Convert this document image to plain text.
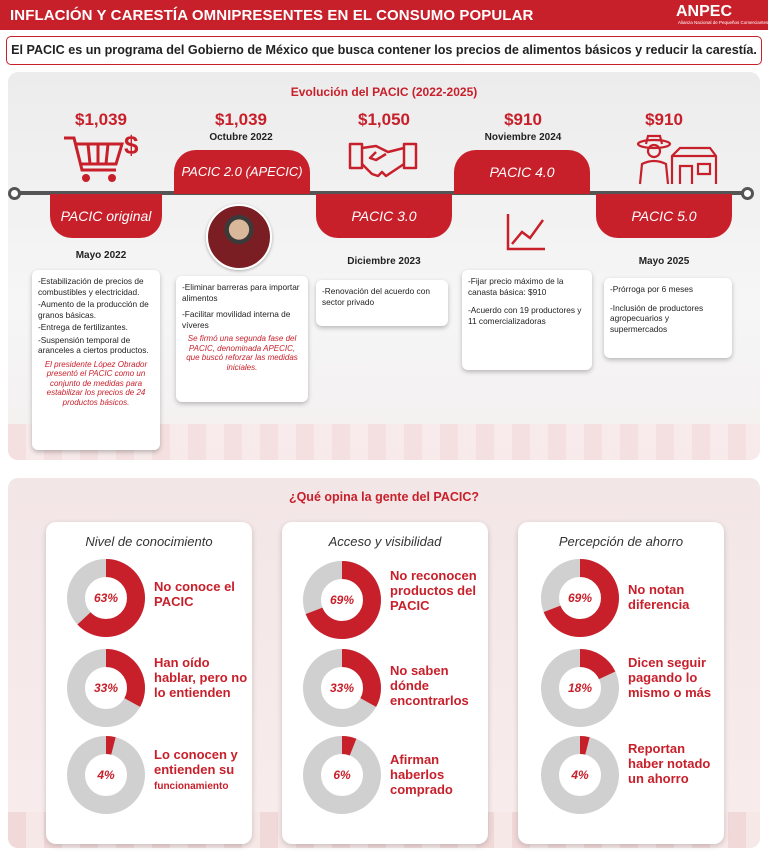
INFLACIÓN Y CARESTÍA OMNIPRESENTES EN EL CONSUMO POPULAR	ANPEC
Alianza Nacional de Pequeños Comerciantes
El PACIC es un programa del Gobierno de México que busca contener los precios de alimentos básicos y reducir la carestía.
Evolución del PACIC (2022-2025)
$1,039
$
PACIC original
Mayo 2022

-Estabilización de precios de combustibles y electricidad.

-Aumento de la producción de granos básicas.

-Entrega de fertilizantes.

-Suspensión temporal de aranceles a ciertos productos.

El presidente López Obrador presentó el PACIC como un conjunto de medidas para estabilizar los precios de 24 productos básicos.
$1,039
Octubre 2022
PACIC 2.0 (APECIC)

-Eliminar barreras para importar alimentos

-Facilitar movilidad interna de víveres

Se firmó una segunda fase del PACIC, denominada APECIC, que buscó reforzar las medidas iniciales.
$1,050
PACIC 3.0
Diciembre 2023

-Renovación del acuerdo con sector privado

$910
Noviembre 2024
PACIC 4.0

-Fijar precio máximo de la canasta básica: $910

-Acuerdo con 19 productores y 11 comercializadoras

$910
PACIC 5.0
Mayo 2025

-Prórroga por 6 meses

-Inclusión de productores agropecuarios y supermercados

¿Qué opina la gente del PACIC?
Nivel de conocimiento
63%
No conoce el PACIC
33%
Han oído hablar, pero no lo entienden
4%
Lo conocen y entienden su funcionamiento
Acceso y visibilidad
69%
No reconocen productos del PACIC
33%
No saben dónde encontrarlos
6%
Afirman haberlos comprado
Percepción de ahorro
69%
No notan diferencia
18%
Dicen seguir pagando lo mismo o más
4%
Reportan haber notado un ahorro
